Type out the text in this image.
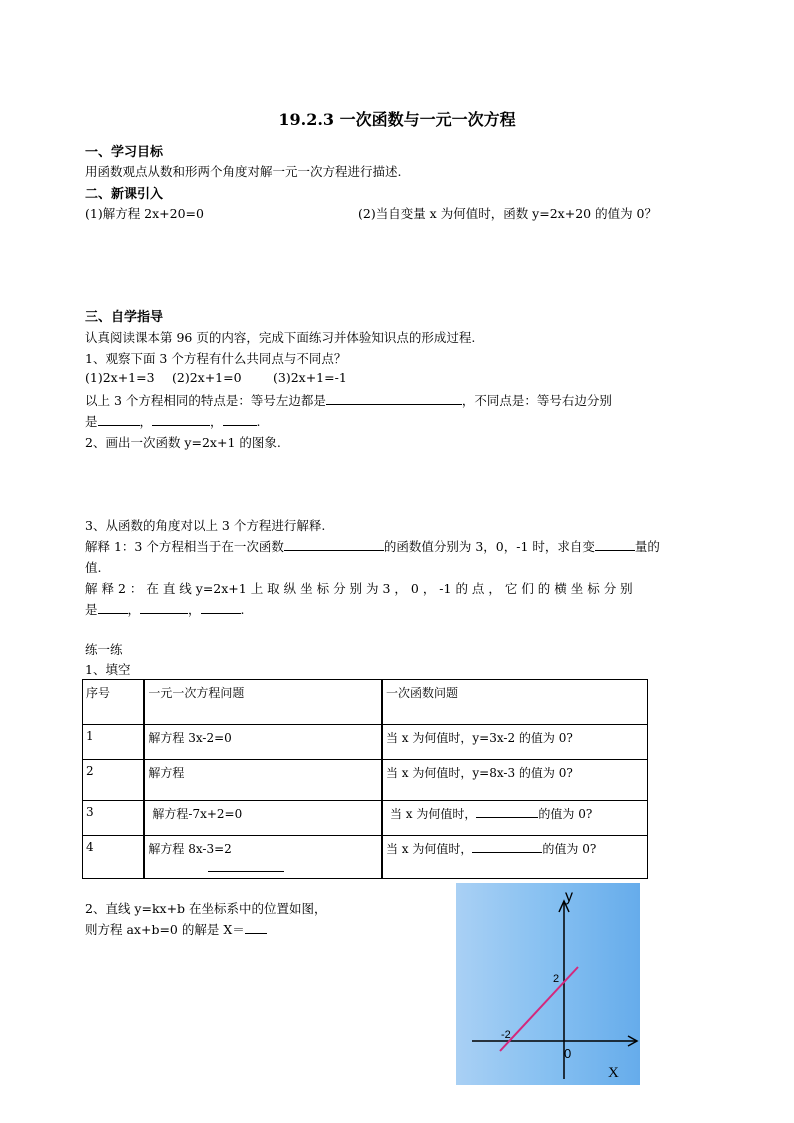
19.2.3 一次函数与一元一次方程
一、学习目标
用函数观点从数和形两个角度对解一元一次方程进行描述.
二、新课引入
(1)解方程 2x+20=0	(2)当自变量 x 为何值时，函数 y=2x+20 的值为 0？
三、自学指导
认真阅读课本第 96 页的内容，完成下面练习并体验知识点的形成过程.
1、观察下面 3 个方程有什么共同点与不同点？
(1)2x+1=3 (2)2x+1=0	(3)2x+1=-1
以上 3 个方程相同的特点是：等号左边都是	，不同点是：等号右边分别
是	，	，	.
2、画出一次函数 y=2x+1 的图象.
3、从函数的角度对以上 3 个方程进行解释.
解释 1：3 个方程相当于在一次函数	的函数值分别为 3，0，-1 时，求自变	量的
值.
解 释 2 ： 在 直 线 y=2x+1 上 取 纵 坐 标 分 别 为 3 ， 0 ， -1 的 点 ， 它 们 的 横 坐 标 分 别
是 ，	，	.
练一练
1、填空
序号	一元一次方程问题	一次函数问题
1	解方程 3x-2=0	当 x 为何值时，y=3x-2 的值为 0?
2	解方程	当 x 为何值时，y=8x-3 的值为 0?
3	解方程-7x+2=0	当 x 为何值时， 的值为 0?
4	解方程 8x-3=2	当 x 为何值时， 的值为 0?
2、直线 y=kx+b 在坐标系中的位置如图，
则方程 ax+b=0 的解是 X＝
y
X
0
2
-2
